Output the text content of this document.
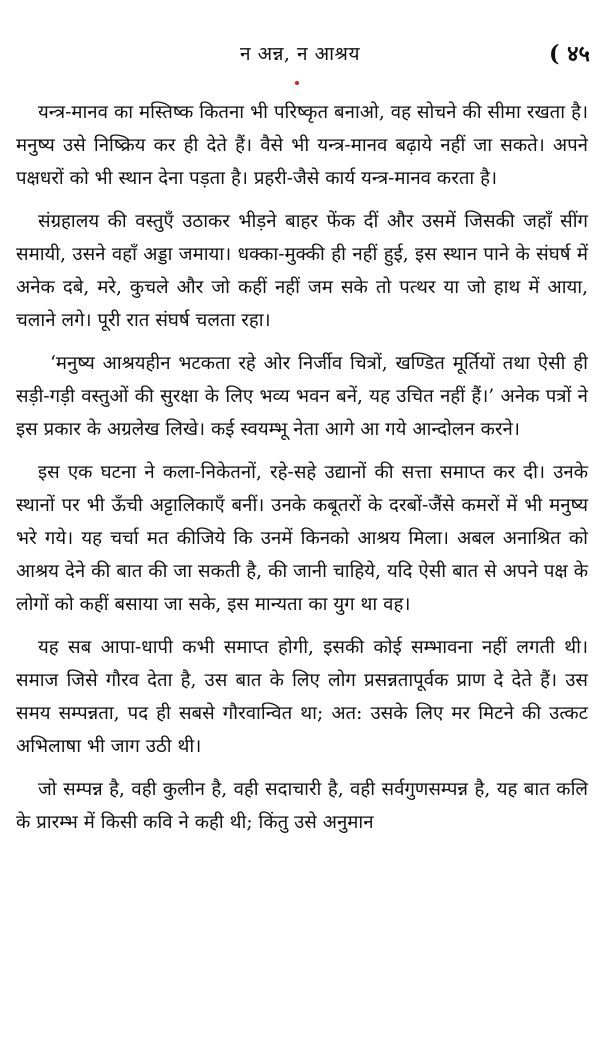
न अन्न, न आश्रय	( ४५

यन्त्र-मानव का मस्तिष्क कितना भी परिष्कृत बनाओ, वह सोचने की सीमा रखता है। मनुष्य उसे निष्क्रिय कर ही देते हैं। वैसे भी यन्त्र-मानव बढ़ाये नहीं जा सकते। अपने पक्षधरों को भी स्थान देना पड़ता है। प्रहरी-जैसे कार्य यन्त्र-मानव करता है।

संग्रहालय की वस्तुएँ उठाकर भीड़ने बाहर फेंक दीं और उसमें जिसकी जहाँ सींग समायी, उसने वहाँ अड्डा जमाया। धक्का-मुक्की ही नहीं हुई, इस स्थान पाने के संघर्ष में अनेक दबे, मरे, कुचले और जो कहीं नहीं जम सके तो पत्थर या जो हाथ में आया, चलाने लगे। पूरी रात संघर्ष चलता रहा।

‘मनुष्य आश्रयहीन भटकता रहे ओर निर्जीव चित्रों, खण्डित मूर्तियों तथा ऐसी ही सड़ी-गड़ी वस्तुओं की सुरक्षा के लिए भव्य भवन बनें, यह उचित नहीं हैं।’ अनेक पत्रों ने इस प्रकार के अग्रलेख लिखे। कई स्वयम्भू नेता आगे आ गये आन्दोलन करने।

इस एक घटना ने कला-निकेतनों, रहे-सहे उद्यानों की सत्ता समाप्त कर दी। उनके स्थानों पर भी ऊँची अट्टालिकाएँ बनीं। उनके कबूतरों के दरबों-जैंसे कमरों में भी मनुष्य भरे गये। यह चर्चा मत कीजिये कि उनमें किनको आश्रय मिला। अबल अनाश्रित को आश्रय देने की बात की जा सकती है, की जानी चाहिये, यदि ऐसी बात से अपने पक्ष के लोगों को कहीं बसाया जा सके, इस मान्यता का युग था वह।

यह सब आपा-धापी कभी समाप्त होगी, इसकी कोई सम्भावना नहीं लगती थी। समाज जिसे गौरव देता है, उस बात के लिए लोग प्रसन्नतापूर्वक प्राण दे देते हैं। उस समय सम्पन्नता, पद ही सबसे गौरवान्वित था; अत: उसके लिए मर मिटने की उत्कट अभिलाषा भी जाग उठी थी।

जो सम्पन्न है, वही कुलीन है, वही सदाचारी है, वही सर्वगुणसम्पन्न है, यह बात कलि के प्रारम्भ में किसी कवि ने कही थी; किंतु उसे अनुमान
